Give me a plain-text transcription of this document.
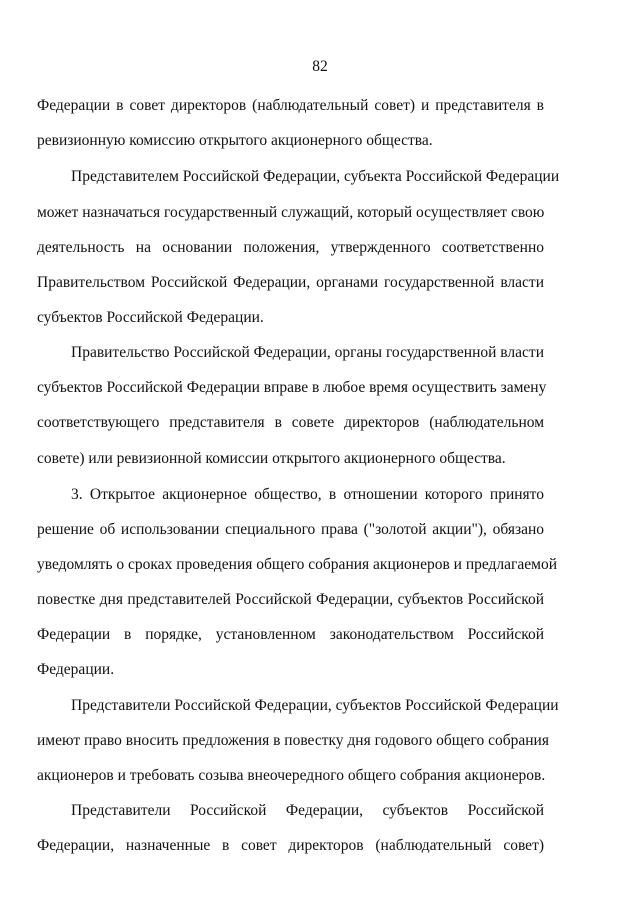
82
Федерации в совет директоров (наблюдательный совет) и представителя в
ревизионную комиссию открытого акционерного общества.
Представителем Российской Федерации, субъекта Российской Федерации
может назначаться государственный служащий, который осуществляет свою
деятельность на основании положения, утвержденного соответственно
Правительством Российской Федерации, органами государственной власти
субъектов Российской Федерации.
Правительство Российской Федерации, органы государственной власти
субъектов Российской Федерации вправе в любое время осуществить замену
соответствующего представителя в совете директоров (наблюдательном
совете) или ревизионной комиссии открытого акционерного общества.
3. Открытое акционерное общество, в отношении которого принято
решение об использовании специального права ("золотой акции"), обязано
уведомлять о сроках проведения общего собрания акционеров и предлагаемой
повестке дня представителей Российской Федерации, субъектов Российской
Федерации в порядке, установленном законодательством Российской
Федерации.
Представители Российской Федерации, субъектов Российской Федерации
имеют право вносить предложения в повестку дня годового общего собрания
акционеров и требовать созыва внеочередного общего собрания акционеров.
Представители Российской Федерации, субъектов Российской
Федерации, назначенные в совет директоров (наблюдательный совет)
